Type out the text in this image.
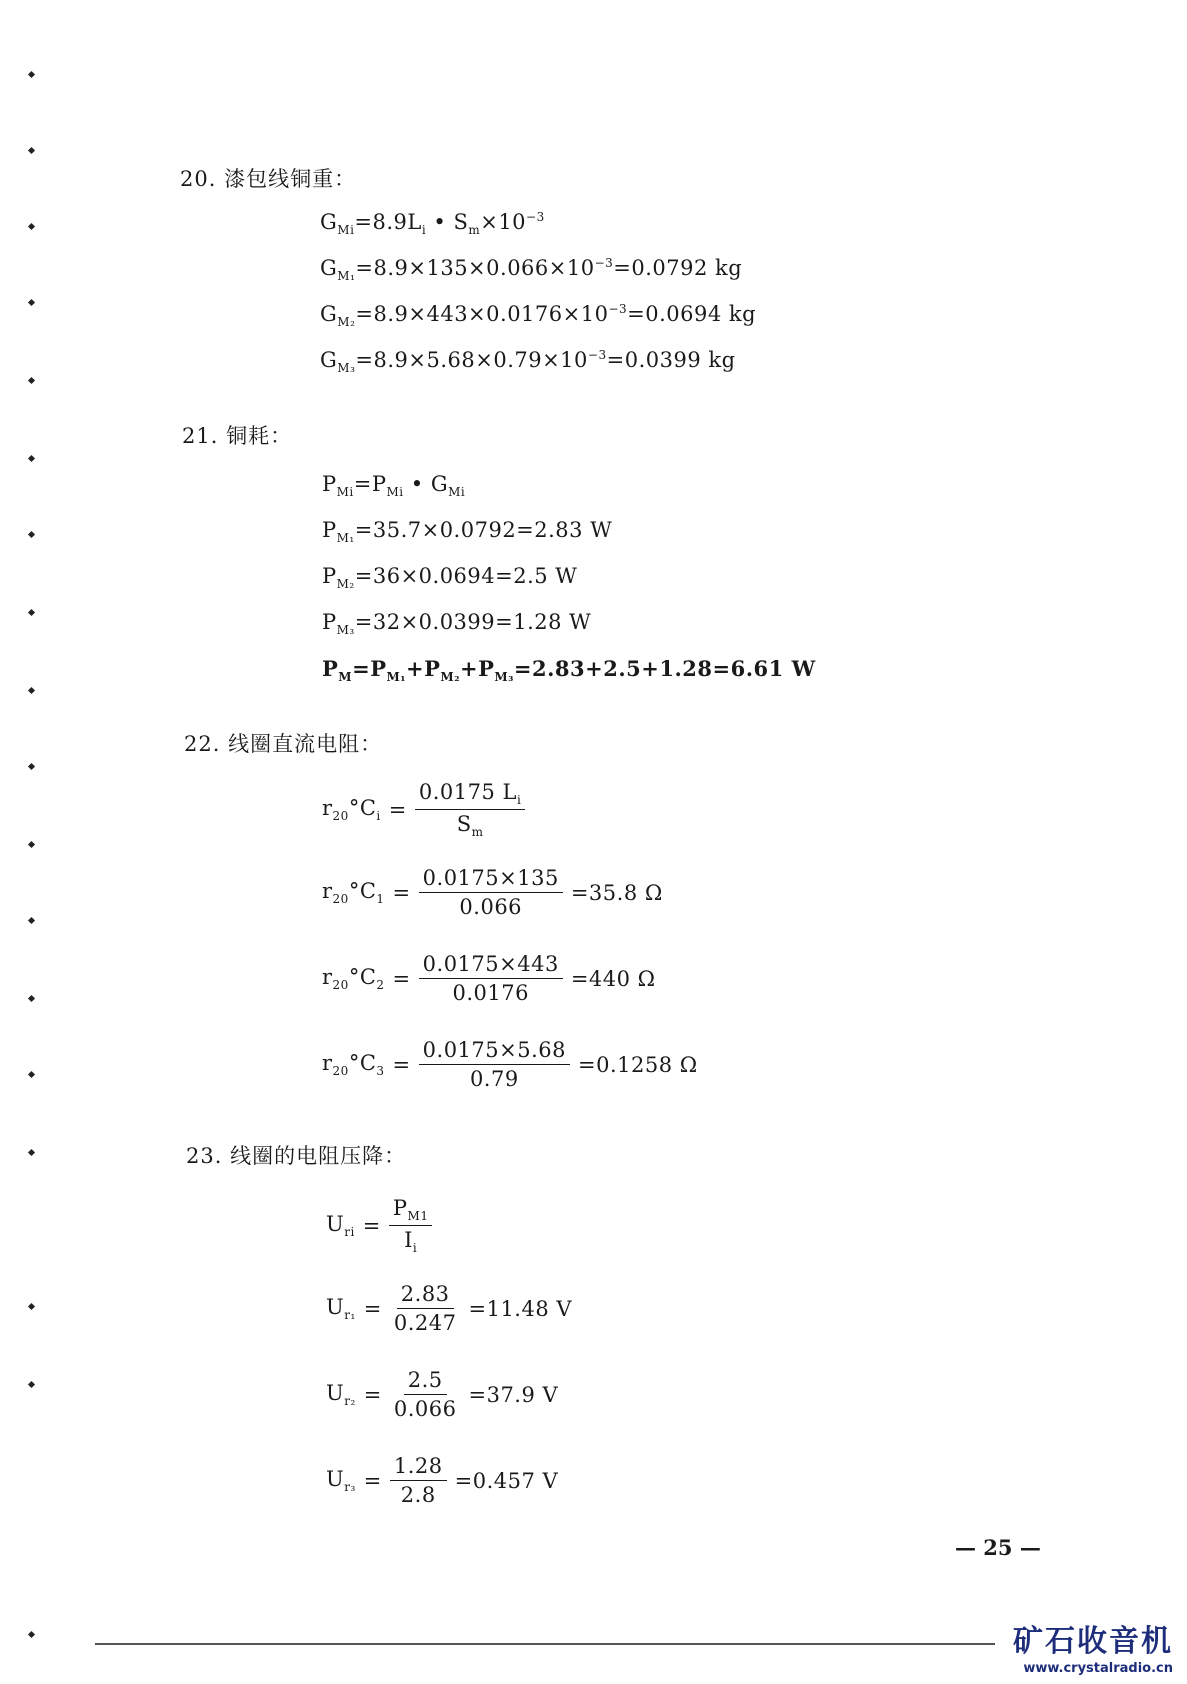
20. 漆包线铜重：
$G_{Mi}=8.9L_i$ • $S_m\times 10^{-3}$
$G_{M_1}=8.9\times 135\times 0.066\times 10^{-3}=0.0792$ kg
$G_{M_2}=8.9\times 443\times 0.0176\times 10^{-3}=0.0694$ kg
$G_{M_3}=8.9\times 5.68\times 0.79\times 10^{-3}=0.0399$ kg
21. 铜耗：
$P_{Mi}=P_{Mi}$ • $G_{Mi}$
$P_{M_1}=35.7\times 0.0792=2.83$ W
$P_{M_2}=36\times 0.0694=2.5$ W
$P_{M_3}=32\times 0.0399=1.28$ W
$P_M=P_{M_1}+P_{M_2}+P_{M_3}=2.83+2.5+1.28=6.61$ W
22. 线圈直流电阻：
$r_{20}^\circ C_i = \frac{0.0175 L_i}{S_m}$
$r_{20}^\circ C_1 = \frac{0.0175\times 135}{0.066} =35.8$ Ω
$r_{20}^\circ C_2 = \frac{0.0175\times 443}{0.0176} =440$ Ω
$r_{20}^\circ C_3 = \frac{0.0175\times 5.68}{0.79} =0.1258$ Ω
23. 线圈的电阻压降：
$U_{ri} = \frac{P_{M1}}{I_i}$
$U_{r_1} = \frac{2.83}{0.247} =11.48$ V
$U_{r_2} = \frac{2.5}{0.066} =37.9$ V
$U_{r_3} = \frac{1.28}{2.8} =0.457$ V
— 25 —
矿石收音机
www.crystalradio.cn
